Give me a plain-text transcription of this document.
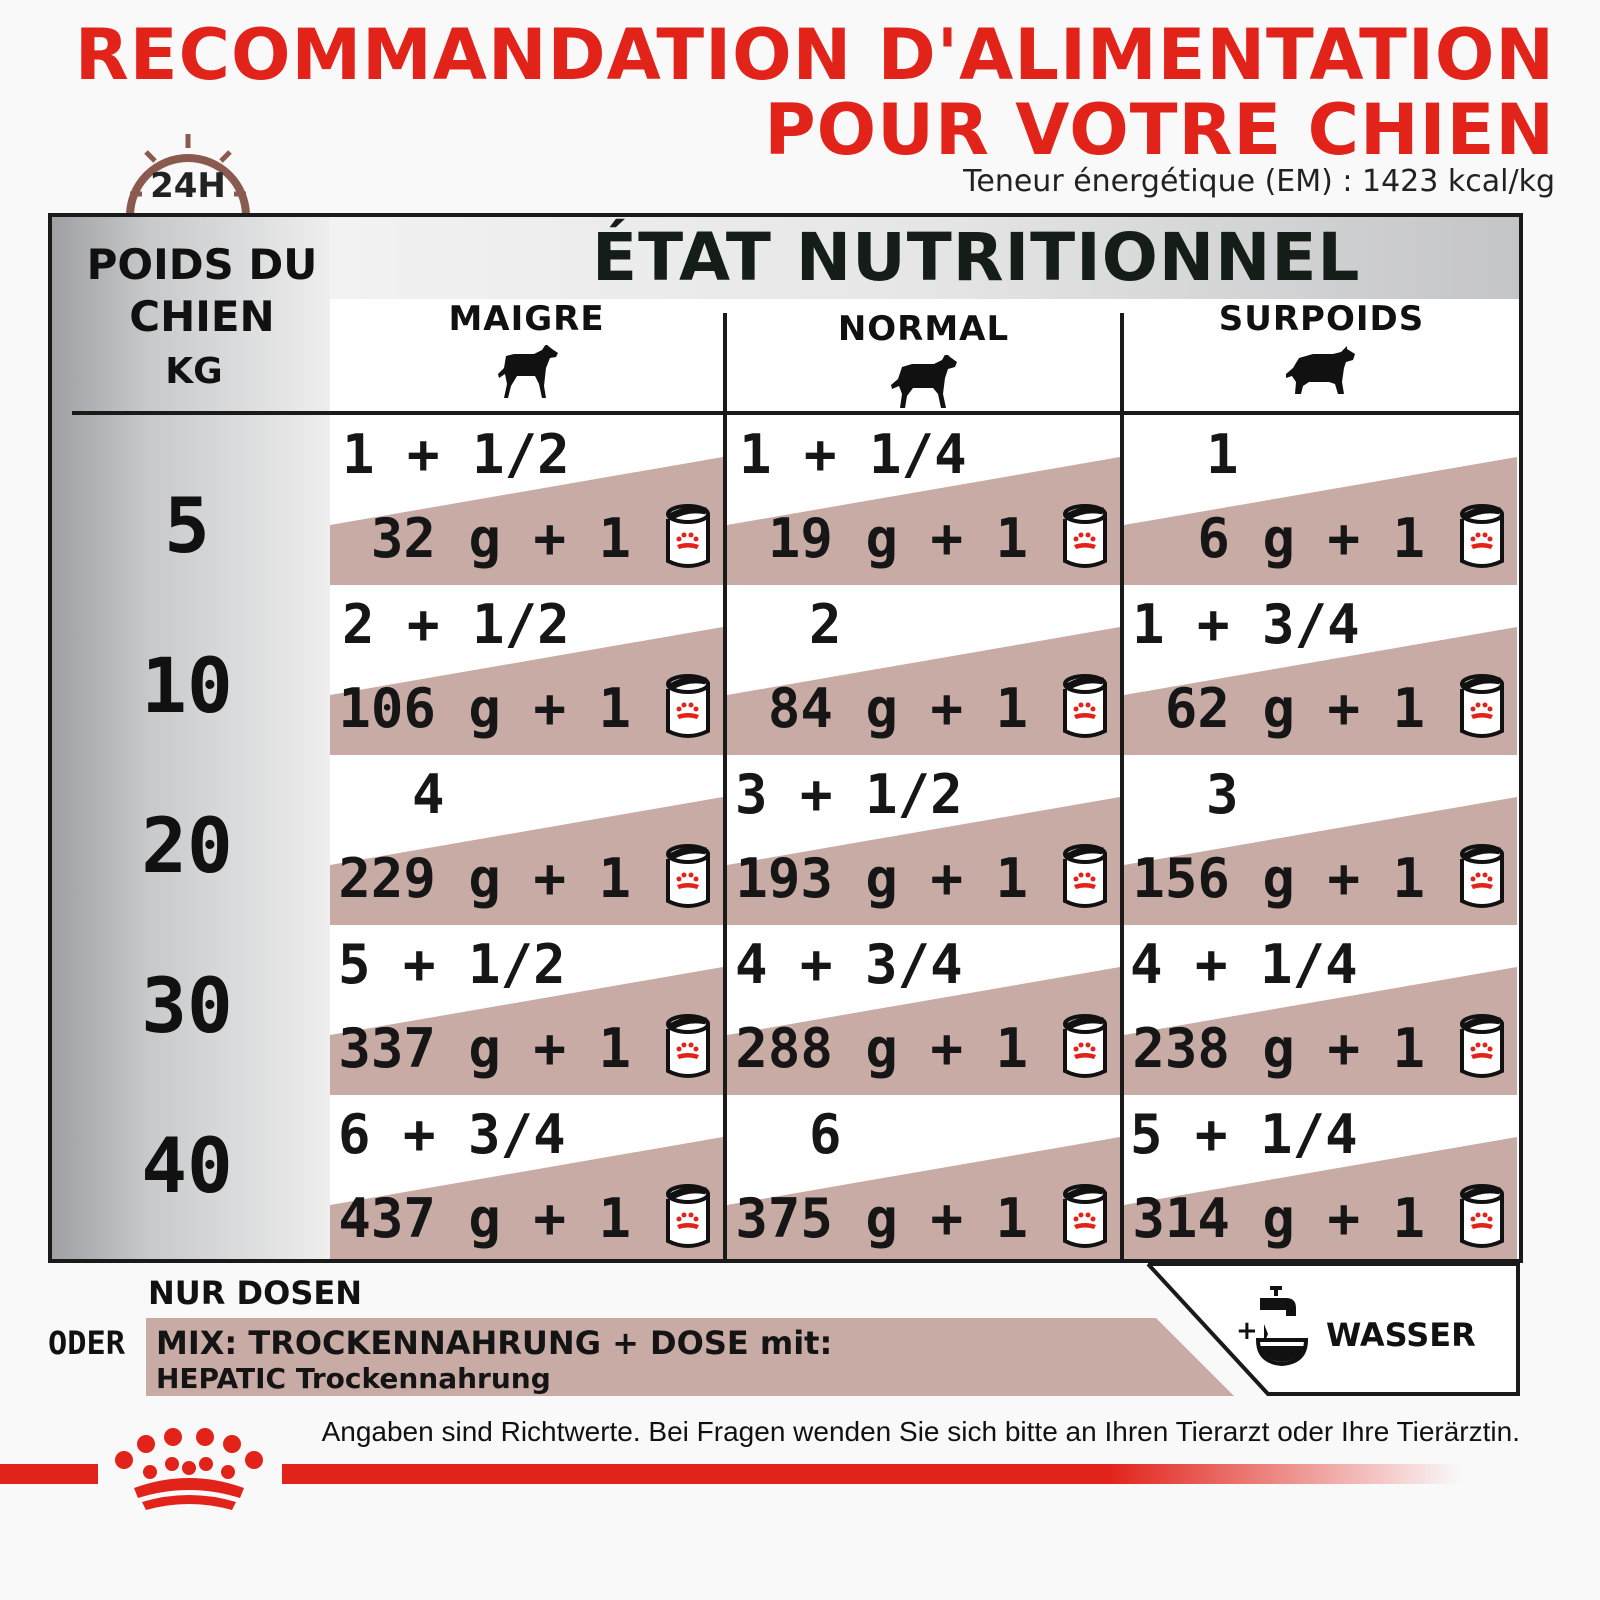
RECOMMANDATION D'ALIMENTATION
POUR VOTRE CHIEN
Teneur énergétique (EM) : 1423 kcal/kg
24H
ÉTAT NUTRITIONNEL
POIDS DU
CHIEN
KG
MAIGRE	NORMAL	SURPOIDS
5
10
20
30
40
1 + 1/2
32 g + 1
1 + 1/4
19 g + 1
1
6 g + 1
2 + 1/2
106 g + 1
2
84 g + 1
1 + 3/4
62 g + 1
4
229 g + 1
3 + 1/2
193 g + 1
3
156 g + 1
5 + 1/2
337 g + 1
4 + 3/4
288 g + 1
4 + 1/4
238 g + 1
6 + 3/4
437 g + 1
6
375 g + 1
5 + 1/4
314 g + 1
NUR DOSEN
ODER MIX: TROCKENNAHRUNG + DOSE mit:
HEPATIC Trockennahrung
+ WASSER
Angaben sind Richtwerte. Bei Fragen wenden Sie sich bitte an Ihren Tierarzt oder Ihre Tierärztin.
